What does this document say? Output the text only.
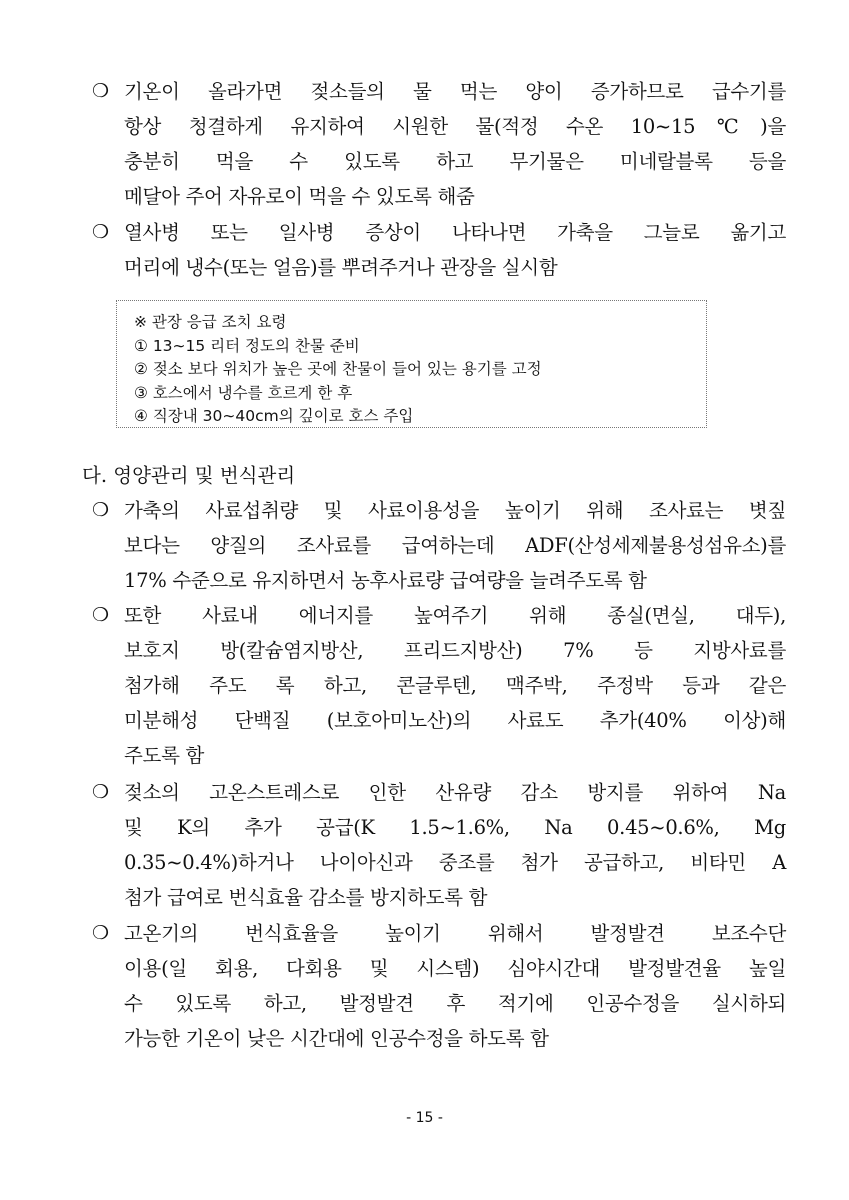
❍ 기온이 올라가면 젖소들의 물 먹는 양이 증가하므로 급수기를
항상 청결하게 유지하여 시원한 물(적정 수온 10~15℃)을
충분히 먹을 수 있도록 하고 무기물은 미네랄블록 등을
메달아 주어 자유로이 먹을 수 있도록 해줌
❍ 열사병 또는 일사병 증상이 나타나면 가축을 그늘로 옮기고
머리에 냉수(또는 얼음)를 뿌려주거나 관장을 실시함
※ 관장 응급 조치 요령
① 13∼15 리터 정도의 찬물 준비
② 젖소 보다 위치가 높은 곳에 찬물이 들어 있는 용기를 고정
③ 호스에서 냉수를 흐르게 한 후
④ 직장내 30∼40cm의 깊이로 호스 주입
다. 영양관리 및 번식관리
❍ 가축의 사료섭취량 및 사료이용성을 높이기 위해 조사료는 볏짚
보다는 양질의 조사료를 급여하는데 ADF(산성세제불용성섬유소)를
17% 수준으로 유지하면서 농후사료량 급여량을 늘려주도록 함
❍ 또한 사료내 에너지를 높여주기 위해 종실(면실, 대두),
보호지 방(칼슘염지방산, 프리드지방산) 7% 등 지방사료를
첨가해 주도 록 하고, 콘글루텐, 맥주박, 주정박 등과 같은
미분해성 단백질 (보호아미노산)의 사료도 추가(40% 이상)해
주도록 함
❍ 젖소의 고온스트레스로 인한 산유량 감소 방지를 위하여 Na
및 K의 추가 공급(K 1.5~1.6%, Na 0.45~0.6%, Mg
0.35~0.4%)하거나 나이아신과 중조를 첨가 공급하고, 비타민 A
첨가 급여로 번식효율 감소를 방지하도록 함
❍ 고온기의 번식효율을 높이기 위해서 발정발견 보조수단
이용(일 회용, 다회용 및 시스템) 심야시간대 발정발견율 높일
수 있도록 하고, 발정발견 후 적기에 인공수정을 실시하되
가능한 기온이 낮은 시간대에 인공수정을 하도록 함
- 15 -
